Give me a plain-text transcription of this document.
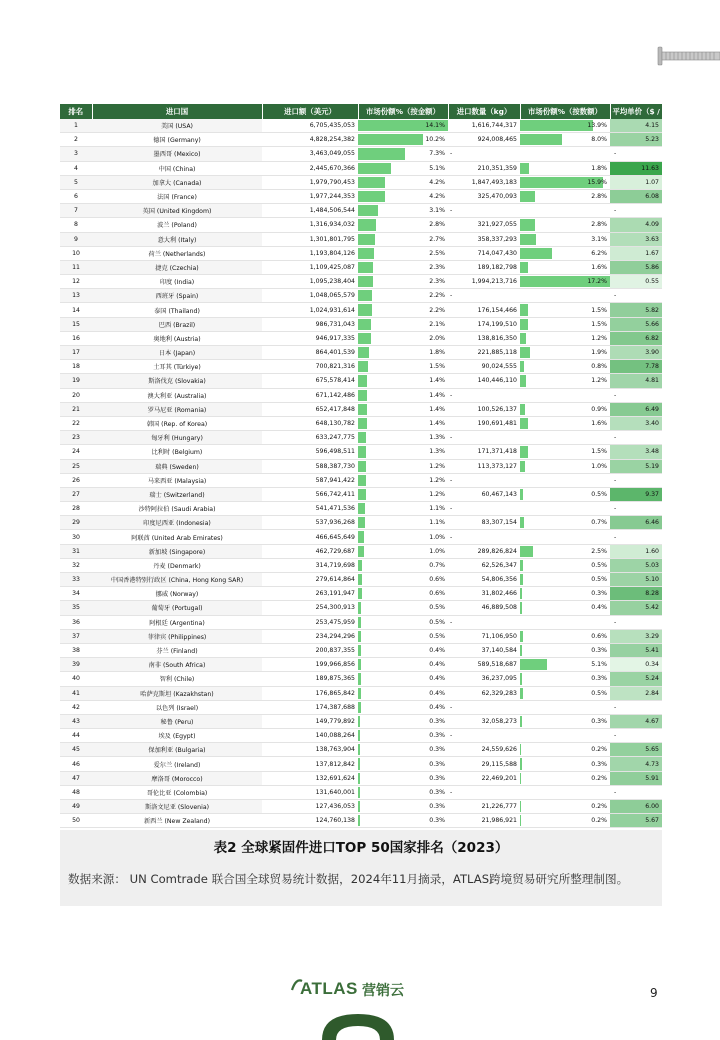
排名	进口国	进口额（美元）	市场份额%（按金额）	进口数量（kg）	市场份额%（按数额）	平均单价（$ / kg）
1	美国 (USA)	6,705,435,053	14.1%	1,616,744,317	13.9%	4.15

2	德国 (Germany)	4,828,254,382	10.2%	924,008,465	8.0%	5.23

3	墨西哥 (Mexico)	3,463,049,055	7.3%	-		-

4	中国 (China)	2,445,670,366	5.1%	210,351,359	1.8%	11.63

5	加拿大 (Canada)	1,979,790,453	4.2%	1,847,493,183	15.9%	1.07

6	法国 (France)	1,977,244,353	4.2%	325,470,093	2.8%	6.08

7	英国 (United Kingdom)	1,484,506,544	3.1%	-		-

8	波兰 (Poland)	1,316,934,032	2.8%	321,927,055	2.8%	4.09

9	意大利 (Italy)	1,301,801,795	2.7%	358,337,293	3.1%	3.63

10	荷兰 (Netherlands)	1,193,804,126	2.5%	714,047,430	6.2%	1.67

11	捷克 (Czechia)	1,109,425,087	2.3%	189,182,798	1.6%	5.86

12	印度 (India)	1,095,238,404	2.3%	1,994,213,716	17.2%	0.55

13	西班牙 (Spain)	1,048,065,579	2.2%	-		-

14	泰国 (Thailand)	1,024,931,614	2.2%	176,154,466	1.5%	5.82

15	巴西 (Brazil)	986,731,043	2.1%	174,199,510	1.5%	5.66

16	奥地利 (Austria)	946,917,335	2.0%	138,816,350	1.2%	6.82

17	日本 (Japan)	864,401,539	1.8%	221,885,118	1.9%	3.90

18	土耳其 (Türkiye)	700,821,316	1.5%	90,024,555	0.8%	7.78

19	斯洛伐克 (Slovakia)	675,578,414	1.4%	140,446,110	1.2%	4.81

20	澳大利亚 (Australia)	671,142,486	1.4%	-		-

21	罗马尼亚 (Romania)	652,417,848	1.4%	100,526,137	0.9%	6.49

22	韩国 (Rep. of Korea)	648,130,782	1.4%	190,691,481	1.6%	3.40

23	匈牙利 (Hungary)	633,247,775	1.3%	-		-

24	比利时 (Belgium)	596,498,511	1.3%	171,371,418	1.5%	3.48

25	瑞典 (Sweden)	588,387,730	1.2%	113,373,127	1.0%	5.19

26	马来西亚 (Malaysia)	587,941,422	1.2%	-		-

27	瑞士 (Switzerland)	566,742,411	1.2%	60,467,143	0.5%	9.37

28	沙特阿拉伯 (Saudi Arabia)	541,471,536	1.1%	-		-

29	印度尼西亚 (Indonesia)	537,936,268	1.1%	83,307,154	0.7%	6.46

30	阿联酋 (United Arab Emirates)	466,645,649	1.0%	-		-

31	新加坡 (Singapore)	462,729,687	1.0%	289,826,824	2.5%	1.60

32	丹麦 (Denmark)	314,719,698	0.7%	62,526,347	0.5%	5.03

33	中国香港特别行政区 (China, Hong Kong SAR)	279,614,864	0.6%	54,806,356	0.5%	5.10

34	挪威 (Norway)	263,191,947	0.6%	31,802,466	0.3%	8.28

35	葡萄牙 (Portugal)	254,300,913	0.5%	46,889,508	0.4%	5.42

36	阿根廷 (Argentina)	253,475,959	0.5%	-		-

37	菲律宾 (Philippines)	234,294,296	0.5%	71,106,950	0.6%	3.29

38	芬兰 (Finland)	200,837,355	0.4%	37,140,584	0.3%	5.41

39	南非 (South Africa)	199,966,856	0.4%	589,518,687	5.1%	0.34

40	智利 (Chile)	189,875,365	0.4%	36,237,095	0.3%	5.24

41	哈萨克斯坦 (Kazakhstan)	176,865,842	0.4%	62,329,283	0.5%	2.84

42	以色列 (Israel)	174,387,688	0.4%	-		-

43	秘鲁 (Peru)	149,779,892	0.3%	32,058,273	0.3%	4.67

44	埃及 (Egypt)	140,088,264	0.3%	-		-

45	保加利亚 (Bulgaria)	138,763,904	0.3%	24,559,626	0.2%	5.65

46	爱尔兰 (Ireland)	137,812,842	0.3%	29,115,588	0.3%	4.73

47	摩洛哥 (Morocco)	132,691,624	0.3%	22,469,201	0.2%	5.91

48	哥伦比亚 (Colombia)	131,640,001	0.3%	-		-

49	斯洛文尼亚 (Slovenia)	127,436,053	0.3%	21,226,777	0.2%	6.00

50	新西兰 (New Zealand)	124,760,138	0.3%	21,986,921	0.2%	5.67
表2 全球紧固件进口TOP 50国家排名（2023）
数据来源： UN Comtrade 联合国全球贸易统计数据，2024年11月摘录，ATLAS跨境贸易研究所整理制图。
ATLAS 营销云	9
